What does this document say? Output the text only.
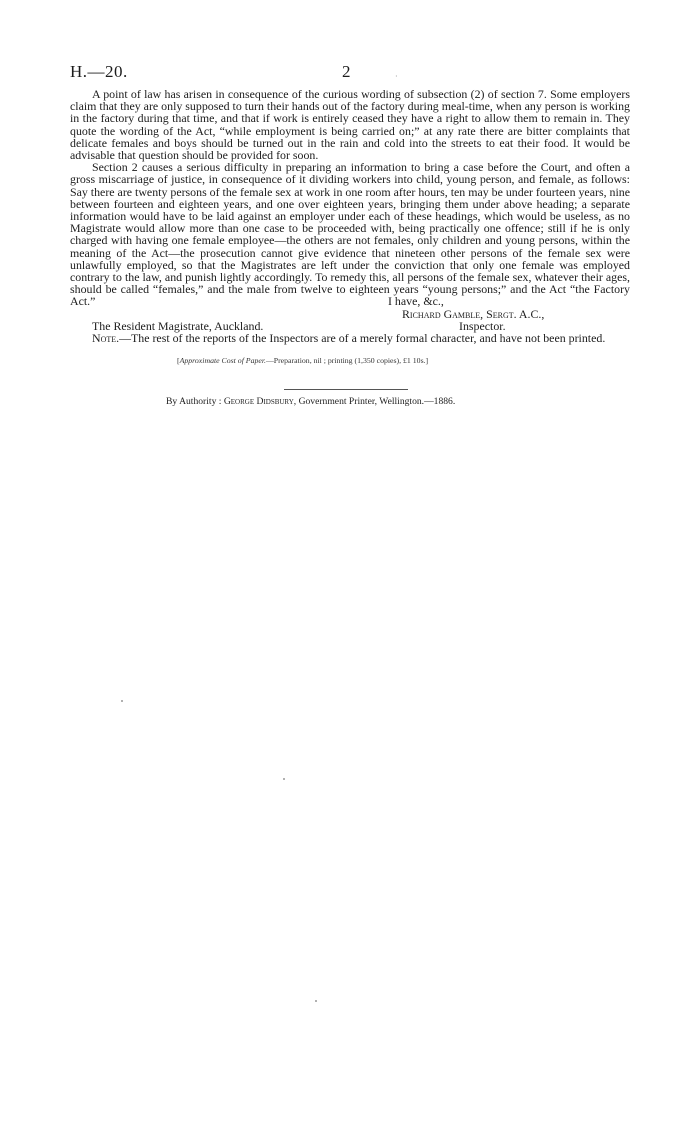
H.—20.	2	·

A point of law has arisen in consequence of the curious wording of subsection (2) of section 7. Some employers claim that they are only supposed to turn their hands out of the factory during meal-time, when any person is working in the factory during that time, and that if work is entirely ceased they have a right to allow them to remain in. They quote the wording of the Act, “while employment is being carried on;” at any rate there are bitter complaints that delicate females and boys should be turned out in the rain and cold into the streets to eat their food. It would be advisable that question should be provided for soon.

Section 2 causes a serious difficulty in preparing an information to bring a case before the Court, and often a gross miscarriage of justice, in consequence of it dividing workers into child, young person, and female, as follows: Say there are twenty persons of the female sex at work in one room after hours, ten may be under fourteen years, nine between fourteen and eighteen years, and one over eighteen years, bringing them under above heading; a separate information would have to be laid against an employer under each of these headings, which would be useless, as no Magistrate would allow more than one case to be proceeded with, being practically one offence; still if he is only charged with having one female employee—the others are not females, only children and young persons, within the meaning of the Act—the prosecution cannot give evidence that nineteen other persons of the female sex were unlawfully employed, so that the Magistrates are left under the conviction that only one female was employed contrary to the law, and punish lightly accordingly. To remedy this, all persons of the female sex, whatever their ages, should be called “females,” and the male from twelve to eighteen years “young persons;” and the Act “the Factory Act.”	I have, &c.,
Richard Gamble, Sergt. A.C.,
The Resident Magistrate, Auckland.	Inspector.

Note.—The rest of the reports of the Inspectors are of a merely formal character, and have not been printed.

[Approximate Cost of Paper.—Preparation, nil ; printing (1,350 copies), £1 10s.]
By Authority : George Didsbury, Government Printer, Wellington.—1886.
